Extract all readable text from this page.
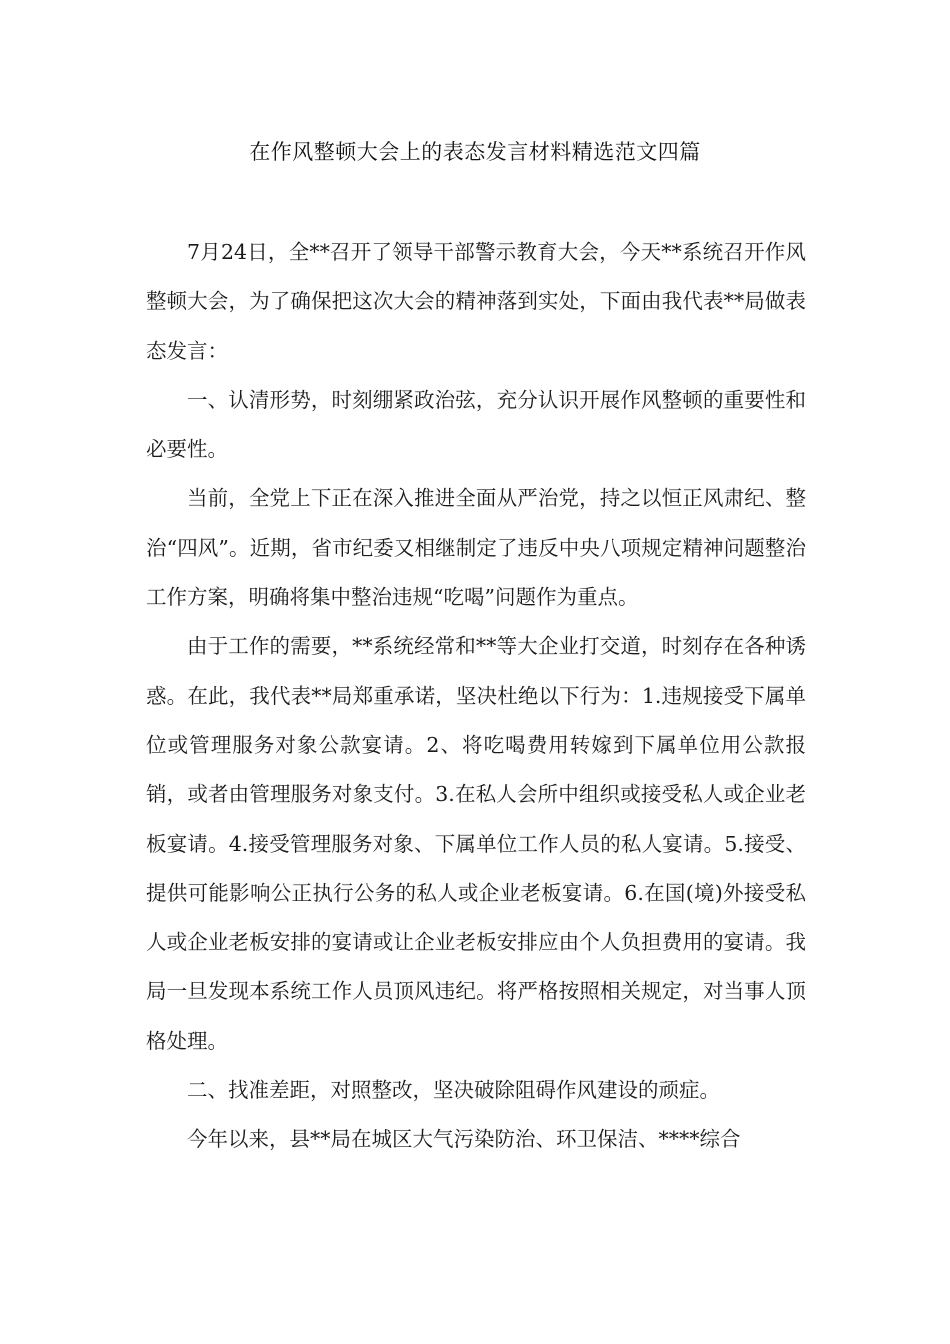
在作风整顿大会上的表态发言材料精选范文四篇

7月24日，全**召开了领导干部警示教育大会，今天**系统召开作风整顿大会，为了确保把这次大会的精神落到实处，下面由我代表**局做表态发言：

一、认清形势，时刻绷紧政治弦，充分认识开展作风整顿的重要性和必要性。

当前，全党上下正在深入推进全面从严治党，持之以恒正风肃纪、整治“四风”。近期，省市纪委又相继制定了违反中央八项规定精神问题整治工作方案，明确将集中整治违规“吃喝”问题作为重点。

由于工作的需要，**系统经常和**等大企业打交道，时刻存在各种诱惑。在此，我代表**局郑重承诺，坚决杜绝以下行为：1.违规接受下属单位或管理服务对象公款宴请。2、将吃喝费用转嫁到下属单位用公款报销，或者由管理服务对象支付。3.在私人会所中组织或接受私人或企业老板宴请。4.接受管理服务对象、下属单位工作人员的私人宴请。5.接受、提供可能影响公正执行公务的私人或企业老板宴请。6.在国(境)外接受私人或企业老板安排的宴请或让企业老板安排应由个人负担费用的宴请。我局一旦发现本系统工作人员顶风违纪。将严格按照相关规定，对当事人顶格处理。

二、找准差距，对照整改，坚决破除阻碍作风建设的顽症。

今年以来，县**局在城区大气污染防治、环卫保洁、****综合
